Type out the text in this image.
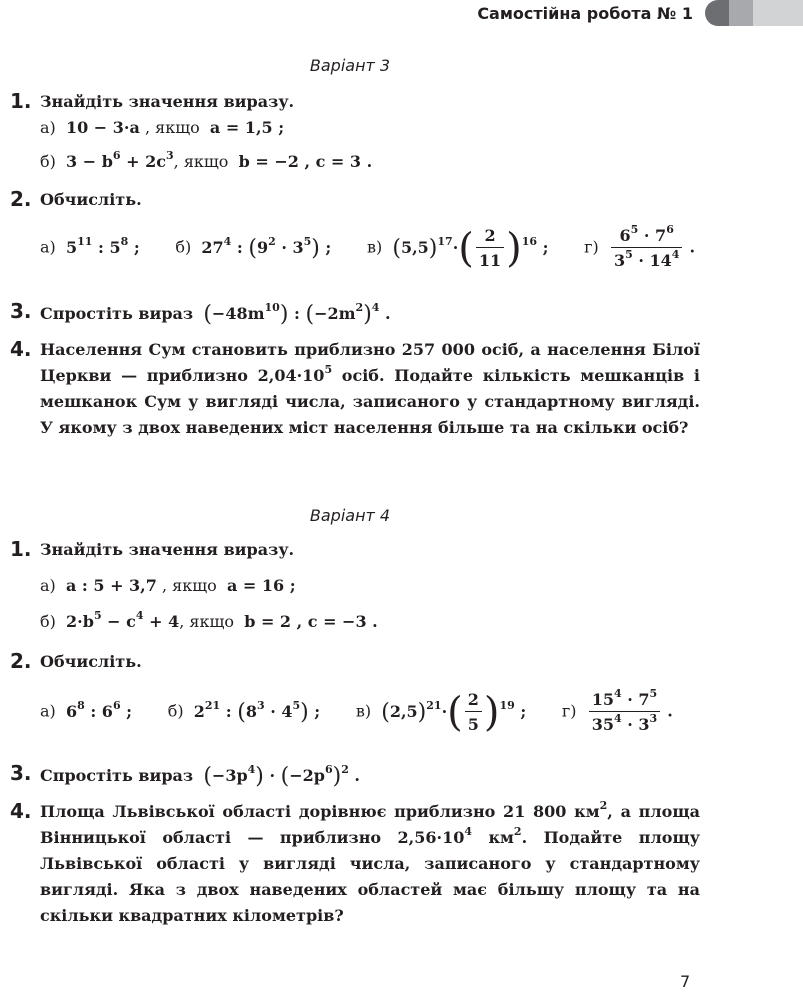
Самостійна робота № 1
Варіант 3
1. Знайдіть значення виразу.
а) 10 − 3·a , якщо a = 1,5 ;
б) $3 - b^6 + 2c^3$, якщо b = −2 , c = 3 .
2. Обчисліть.
а) $5^{11}$ : $5^8$ ; б) $27^4$ : $(9^2 \cdot 3^5)$ ; в) $(5,5)^{17}\cdot( \frac{2}{11} )^{16}$ ; $г) \frac{6^5 \cdot 7^6}{3^5 \cdot 14^4}$ .
3. Спростіть вираз $(-48m^{10})$ : $(-2m^2)^4$ .
4. Населення Сум становить приблизно 257 000 осіб, а населення Білої Церкви — приблизно $2,04\cdot 10^5$ осіб. Подайте кількість мешканців і мешканок Сум у вигляді числа, записаного у стандартному вигляді. У якому з двох наведених міст населення більше та на скільки осіб?
Варіант 4
1. Знайдіть значення виразу.
а) a : 5 + 3,7 , якщо a = 16 ;
б) $2\cdot b^5 - c^4 + 4$, якщо b = 2 , c = −3 .
2. Обчисліть.
а) $6^8$ : $6^6$ ; б) $2^{21}$ : $(8^3 \cdot 4^5)$ ; в) $(2,5)^{21}\cdot( \frac{2}{5} )^{19}$ ; $г) \frac{15^4 \cdot 7^5}{35^4 \cdot 3^3}$ .
3. Спростіть вираз $(-3p^4) \cdot (-2p^6)^2$ .
4. Площа Львівської області дорівнює приблизно 21 800 $км^2$, а площа Вінницької області — приблизно $2,56\cdot 10^4$ $км^2$. Подайте площу Львівської області у вигляді числа, записаного у стандартному вигляді. Яка з двох наведених областей має більшу площу та на скільки квадратних кілометрів?
7
